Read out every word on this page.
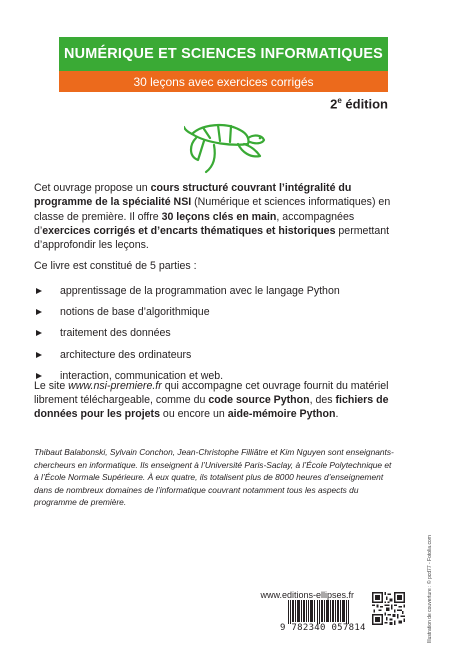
NUMÉRIQUE ET SCIENCES INFORMATIQUES
30 leçons avec exercices corrigés
2e édition

Cet ouvrage propose un cours structuré couvrant l’intégralité du programme de la spécialité NSI (Numérique et sciences informatiques) en classe de première. Il offre 30 leçons clés en main, accompagnées d’exercices corrigés et d’encarts thématiques et historiques permettant d’approfondir les leçons.

Ce livre est constitué de 5 parties :
apprentissage de la programmation avec le langage Python
notions de base d’algorithmique
traitement des données
architecture des ordinateurs
interaction, communication et web.

Le site www.nsi-premiere.fr qui accompagne cet ouvrage fournit du matériel librement téléchargeable, comme du code source Python, des fichiers de données pour les projets ou encore un aide-mémoire Python.

Thibaut Balabonski, Sylvain Conchon, Jean-Christophe Filliâtre et Kim Nguyen sont enseignants-chercheurs en informatique. Ils enseignent à l’Université Paris-Saclay, à l’École Polytechnique et à l’École Normale Supérieure. À eux quatre, ils totalisent plus de 8000 heures d’enseignement dans de nombreux domaines de l’informatique couvrant notamment tous les aspects du programme de première.

www.editions-ellipses.fr
9 782340 057814	Illustration de couverture : © pcd77 - Fotolia.com
